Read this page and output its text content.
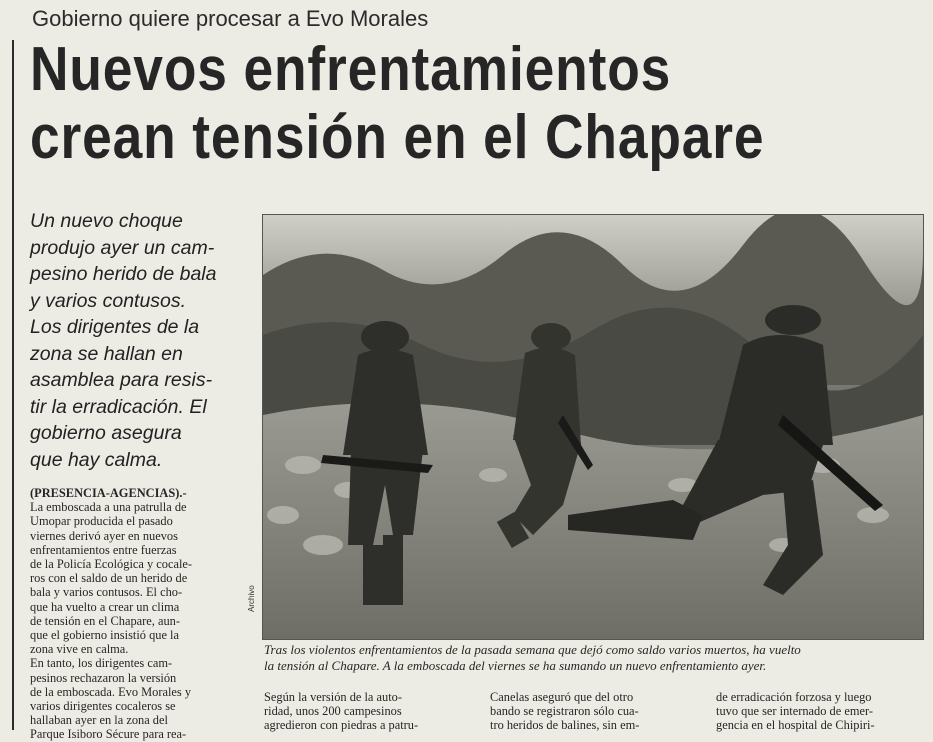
Gobierno quiere procesar a Evo Morales
Nuevos enfrentamientos
crean tensión en el Chapare
Un nuevo choque
produjo ayer un cam-
pesino herido de bala
y varios contusos.
Los dirigentes de la
zona se hallan en
asamblea para resis-
tir la erradicación. El
gobierno asegura
que hay calma.
(PRESENCIA-AGENCIAS).-
La emboscada a una patrulla de
Umopar producida el pasado
viernes derivó ayer en nuevos
enfrentamientos entre fuerzas
de la Policía Ecológica y cocale-
ros con el saldo de un herido de
bala y varios contusos. El cho-
que ha vuelto a crear un clima
de tensión en el Chapare, aun-
que el gobierno insistió que la
zona vive en calma.
En tanto, los dirigentes cam-
pesinos rechazaron la versión
de la emboscada. Evo Morales y
varios dirigentes cocaleros se
hallaban ayer en la zona del
Parque Isiboro Sécure para rea-
Archivo
Tras los violentos enfrentamientos de la pasada semana que dejó como saldo varios muertos, ha vuelto
la tensión al Chapare. A la emboscada del viernes se ha sumando un nuevo enfrentamiento ayer.
Según la versión de la auto-
ridad, unos 200 campesinos
agredieron con piedras a patru-
Canelas aseguró que del otro
bando se registraron sólo cua-
tro heridos de balines, sin em-
de erradicación forzosa y luego
tuvo que ser internado de emer-
gencia en el hospital de Chipiri-
